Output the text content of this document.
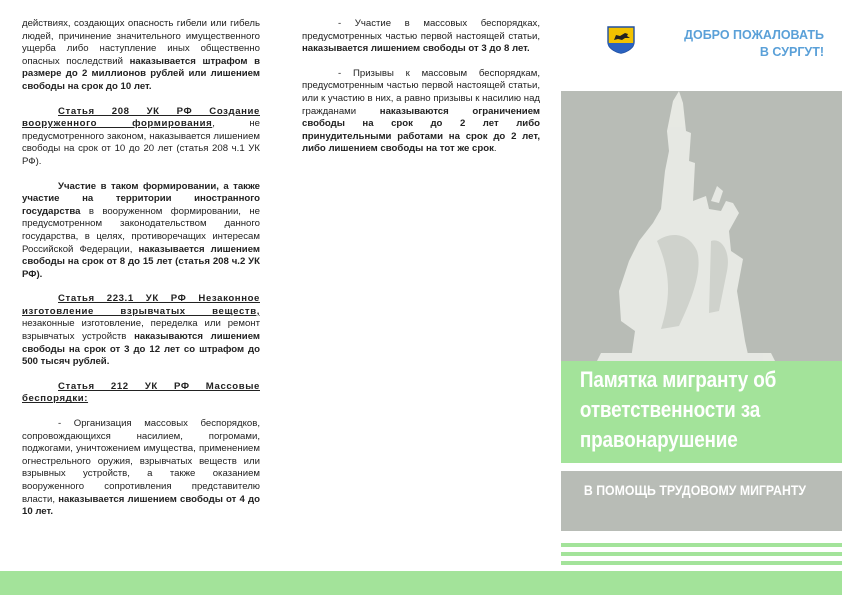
действиях, создающих опасность гибели или гибель людей, причинение значительного имущественного ущерба либо наступление иных общественно опасных последствий наказывается штрафом в размере до 2 миллионов рублей или лишением свободы на срок до 10 лет.

Статья 208 УК РФ Создание вооруженного формирования, не предусмотренного законом, наказывается лишением свободы на срок от 10 до 20 лет (статья 208 ч.1 УК РФ).

Участие в таком формировании, а также участие на территории иностранного государства в вооруженном формировании, не предусмотренном законодательством данного государства, в целях, противоречащих интересам Российской Федерации, наказывается лишением свободы на срок от 8 до 15 лет (статья 208 ч.2 УК РФ).

Статья 223.1 УК РФ Незаконное изготовление взрывчатых веществ, незаконные изготовление, переделка или ремонт взрывчатых устройств наказываются лишением свободы на срок от 3 до 12 лет со штрафом до 500 тысяч рублей.

Статья 212 УК РФ Массовые беспорядки:

- Организация массовых беспорядков, сопровождающихся насилием, погромами, поджогами, уничтожением имущества, применением огнестрельного оружия, взрывчатых веществ или взрывных устройств, а также оказанием вооруженного сопротивления представителю власти, наказывается лишением свободы от 4 до 10 лет.

- Участие в массовых беспорядках, предусмотренных частью первой настоящей статьи, наказывается лишением свободы от 3 до 8 лет.

- Призывы к массовым беспорядкам, предусмотренным частью первой настоящей статьи, или к участию в них, а равно призывы к насилию над гражданами наказываются ограничением свободы на срок до 2 лет либо принудительными работами на срок до 2 лет, либо лишением свободы на тот же срок.

ДОБРО ПОЖАЛОВАТЬ
В СУРГУТ!
Памятка мигранту об ответственности за правонарушение
В ПОМОЩЬ ТРУДОВОМУ МИГРАНТУ
